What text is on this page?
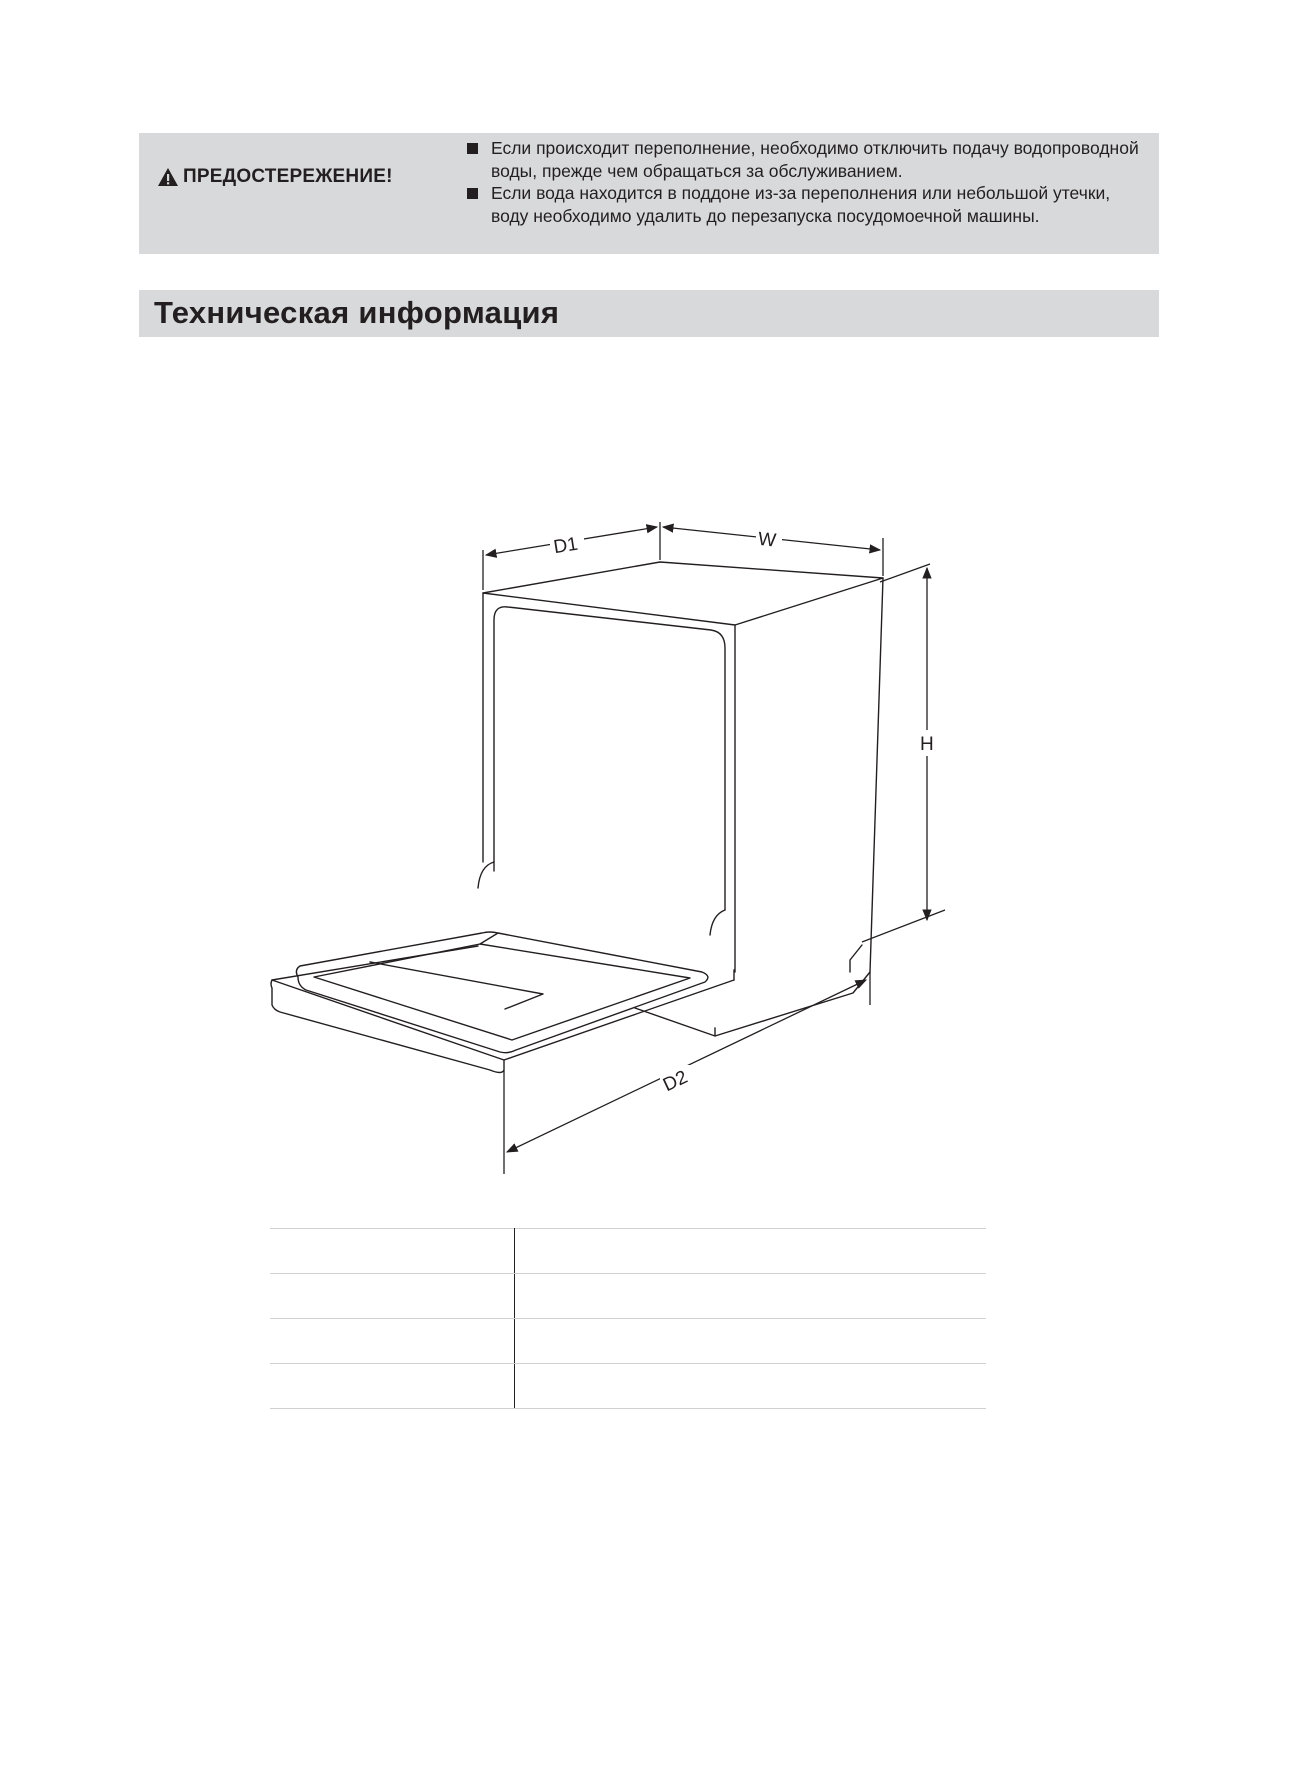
ПРЕДОСТЕРЕЖЕНИЕ!
Если происходит переполнение, необходимо отключить подачу водопроводной воды, прежде чем обращаться за обслуживанием.
Если вода находится в поддоне из-за переполнения или небольшой утечки, воду необходимо удалить до перезапуска посудомоечной машины.
Техническая информация
D1	W
H
D2
